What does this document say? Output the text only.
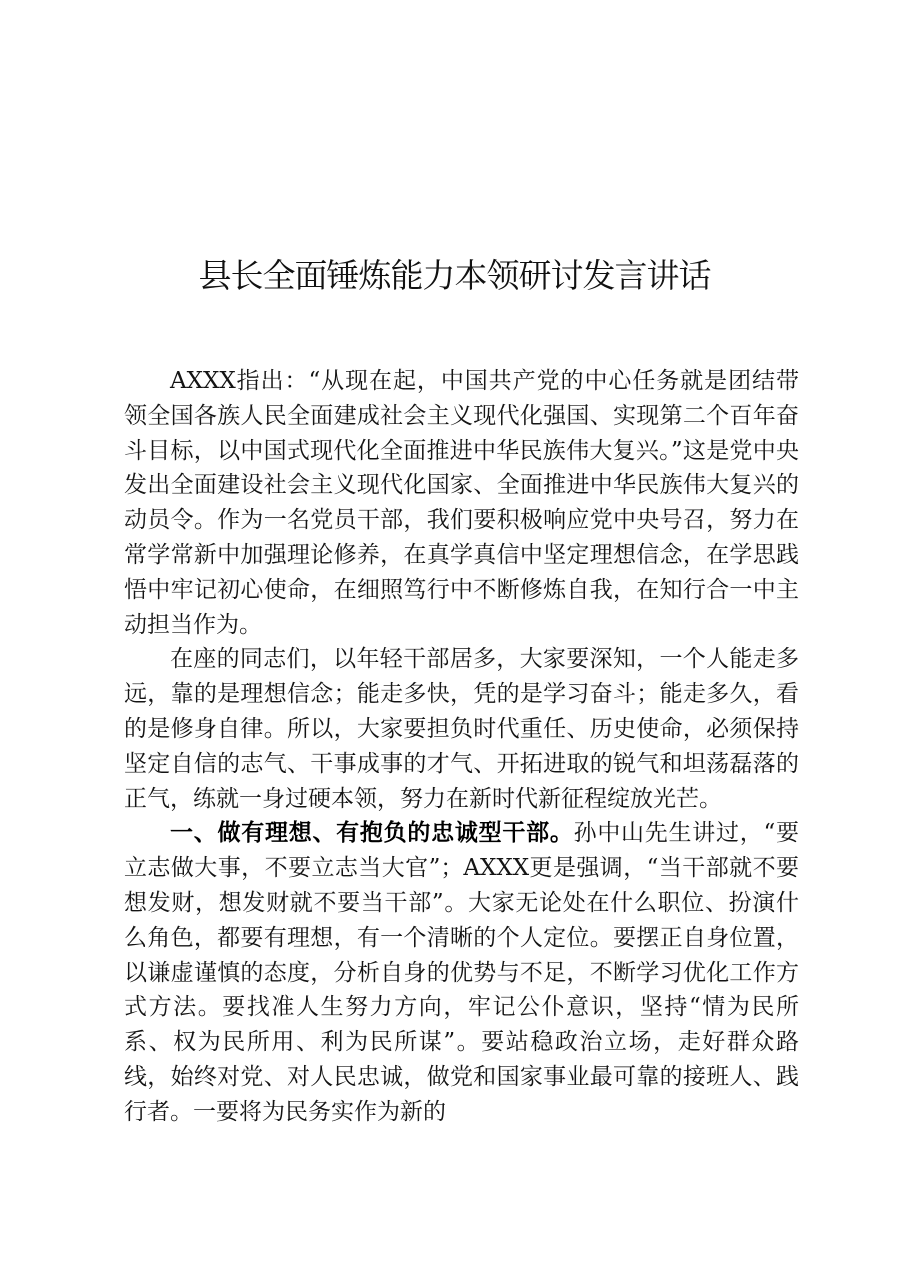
县长全面锤炼能力本领研讨发言讲话

AXXX指出：“从现在起，中国共产党的中心任务就是团结带领全国各族人民全面建成社会主义现代化强国、实现第二个百年奋斗目标，以中国式现代化全面推进中华民族伟大复兴。”这是党中央发出全面建设社会主义现代化国家、全面推进中华民族伟大复兴的动员令。作为一名党员干部，我们要积极响应党中央号召，努力在常学常新中加强理论修养，在真学真信中坚定理想信念，在学思践悟中牢记初心使命，在细照笃行中不断修炼自我，在知行合一中主动担当作为。

在座的同志们，以年轻干部居多，大家要深知，一个人能走多远，靠的是理想信念；能走多快，凭的是学习奋斗；能走多久，看的是修身自律。所以，大家要担负时代重任、历史使命，必须保持坚定自信的志气、干事成事的才气、开拓进取的锐气和坦荡磊落的正气，练就一身过硬本领，努力在新时代新征程绽放光芒。

一、做有理想、有抱负的忠诚型干部。孙中山先生讲过，“要立志做大事，不要立志当大官”；AXXX更是强调，“当干部就不要想发财，想发财就不要当干部”。大家无论处在什么职位、扮演什么角色，都要有理想，有一个清晰的个人定位。要摆正自身位置，以谦虚谨慎的态度，分析自身的优势与不足，不断学习优化工作方式方法。要找准人生努力方向，牢记公仆意识，坚持“情为民所系、权为民所用、利为民所谋”。要站稳政治立场，走好群众路线，始终对党、对人民忠诚，做党和国家事业最可靠的接班人、践行者。一要将为民务实作为新的
